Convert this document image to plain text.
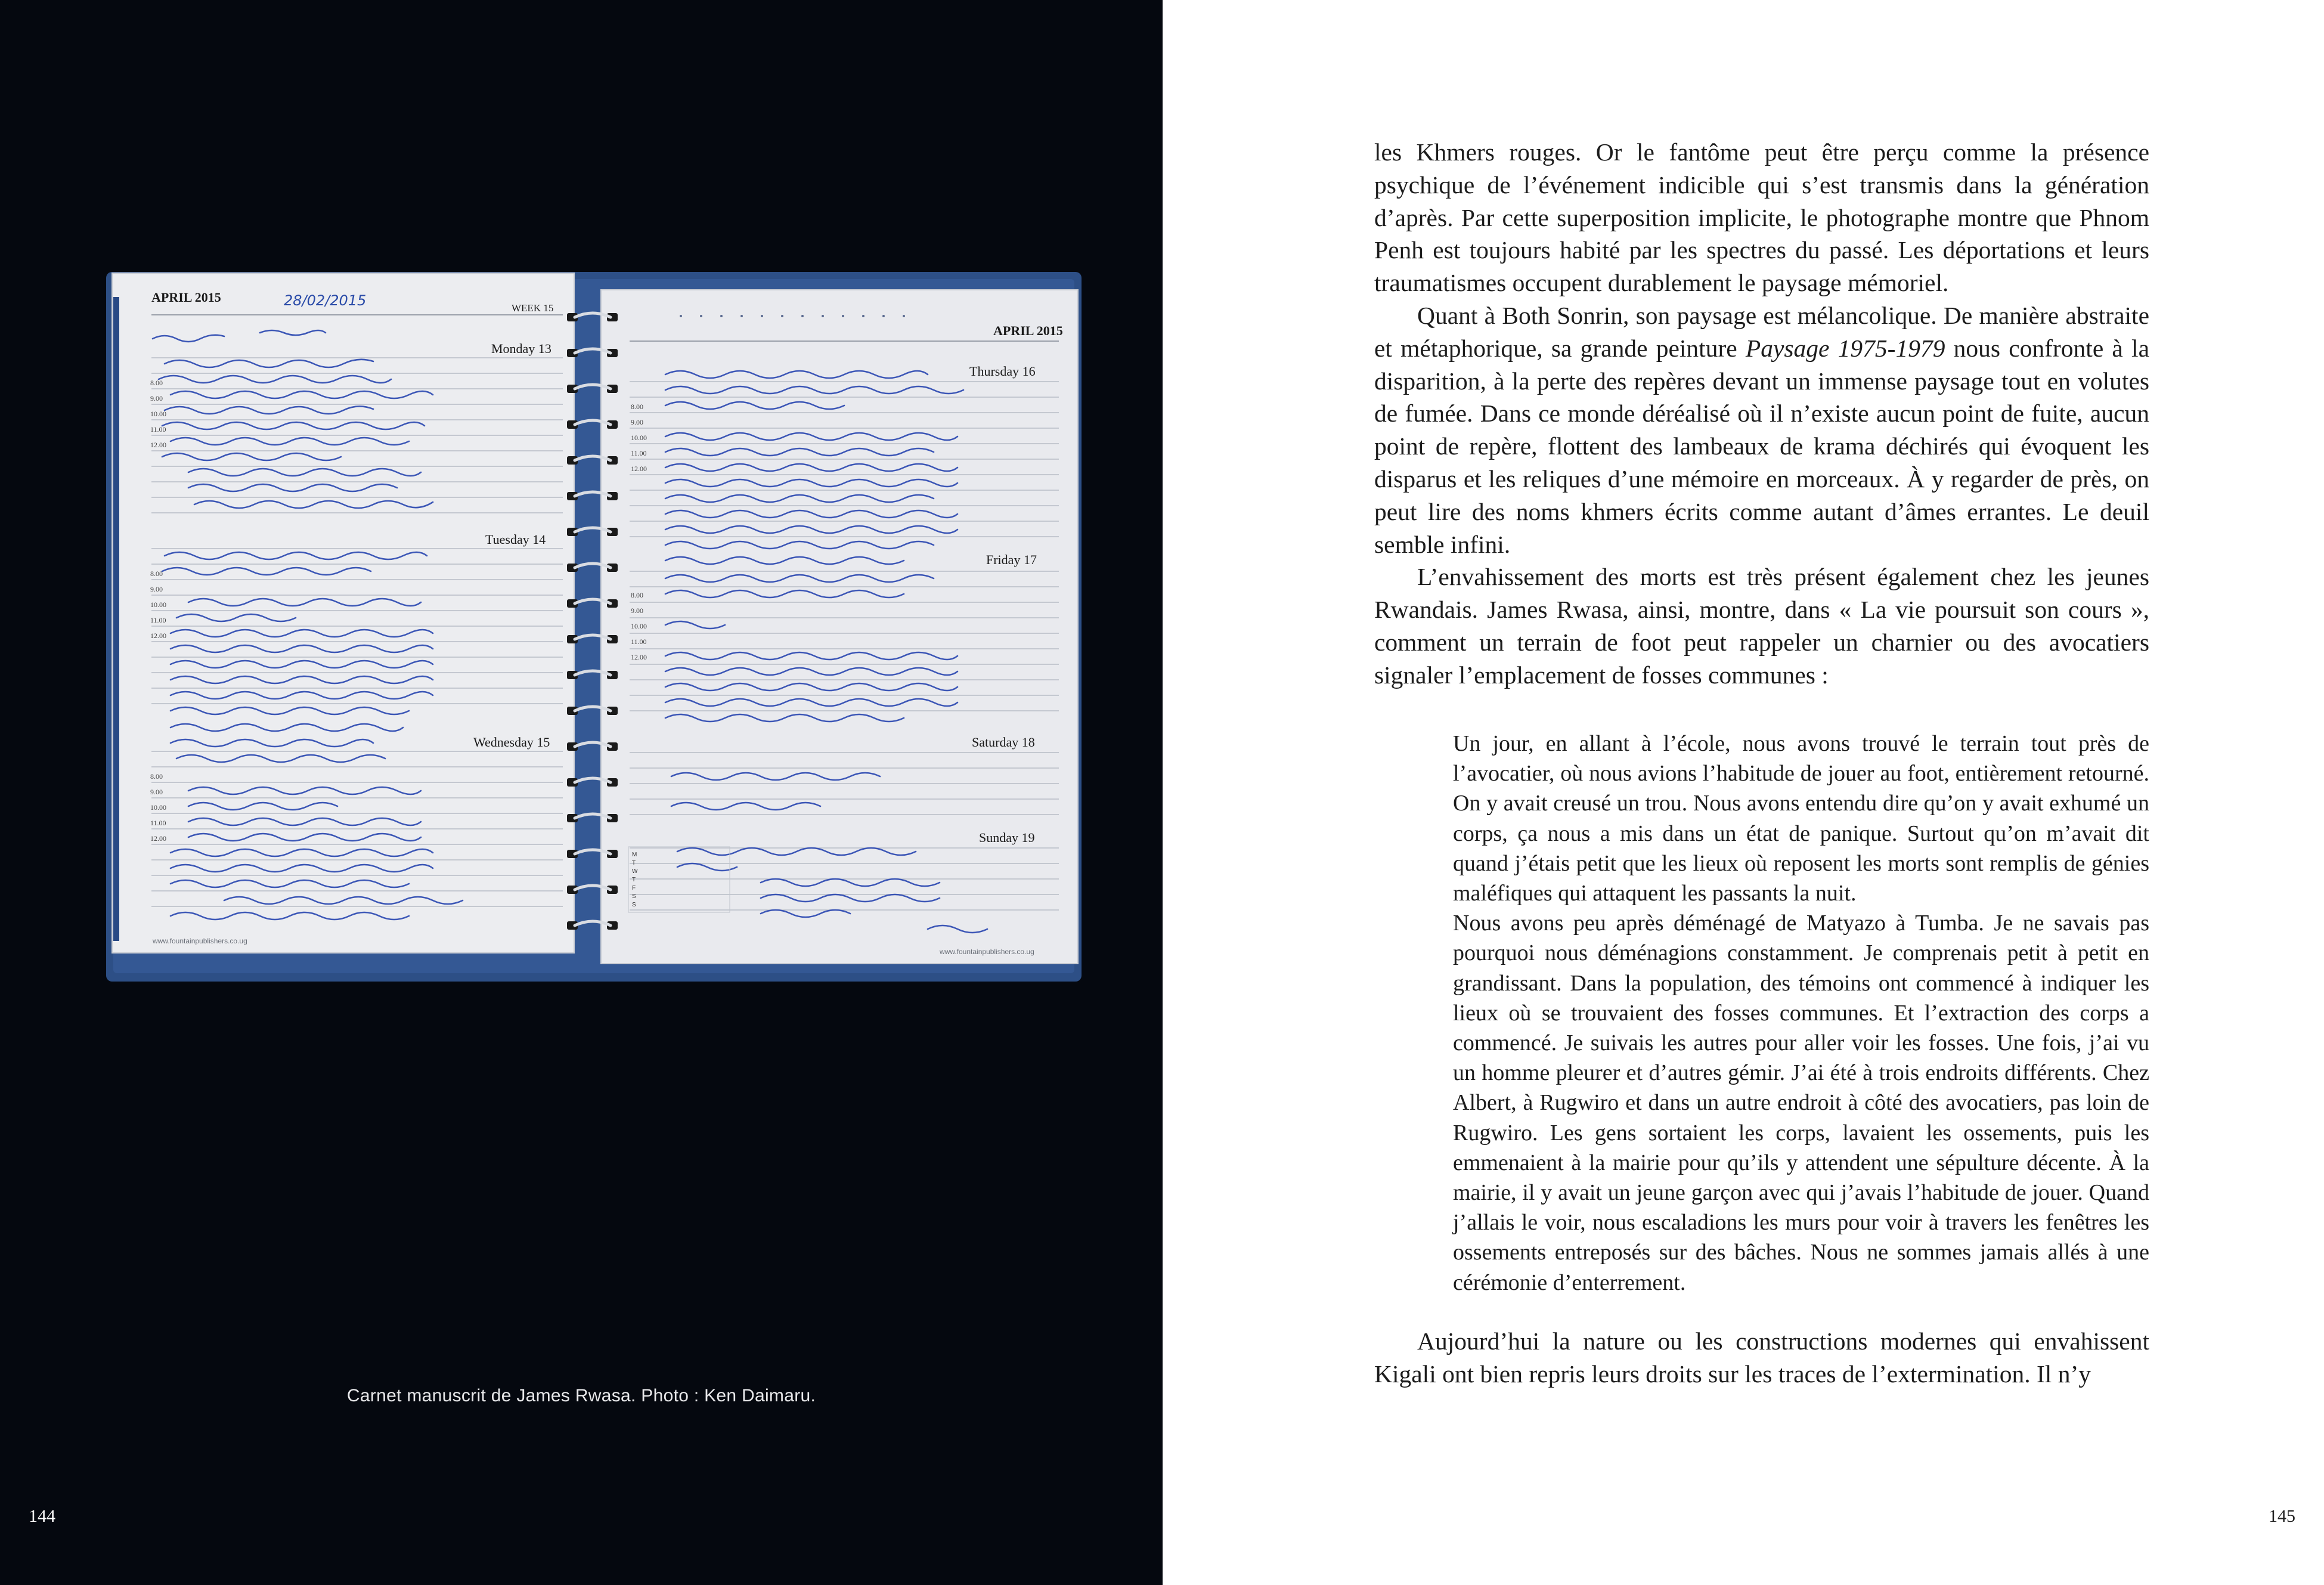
APRIL 2015	28/02/2015	WEEK 15
Monday 13
Tuesday 14
Wednesday 15
8.00
9.00
10.00
11.00
12.00
8.00
9.00
10.00
11.00
12.00
8.00
9.00
10.00
11.00
12.00
www.fountainpublishers.co.ug
APRIL 2015
Thursday 16
Friday 17
Saturday 18
Sunday 19
8.00
9.00
10.00
11.00
12.00
8.00
9.00
10.00
11.00
12.00
M
T
W
T
F
S
S
www.fountainpublishers.co.ug
Carnet manuscrit de James Rwasa. Photo : Ken Daimaru.
144

les Khmers rouges. Or le fantôme peut être perçu comme la présence psychique de l’événement indicible qui s’est transmis dans la génération d’après. Par cette superposition implicite, le photographe montre que Phnom Penh est toujours habité par les spectres du passé. Les déportations et leurs traumatismes occupent durablement le paysage mémoriel.

Quant à Both Sonrin, son paysage est mélancolique. De manière abstraite et métaphorique, sa grande peinture Paysage 1975-1979 nous confronte à la disparition, à la perte des repères devant un immense paysage tout en volutes de fumée. Dans ce monde déréalisé où il n’existe aucun point de fuite, aucun point de repère, flottent des lambeaux de krama déchirés qui évoquent les disparus et les reliques d’une mémoire en morceaux. À y regarder de près, on peut lire des noms khmers écrits comme autant d’âmes errantes. Le deuil semble infini.

L’envahissement des morts est très présent également chez les jeunes Rwandais. James Rwasa, ainsi, montre, dans « La vie poursuit son cours », comment un terrain de foot peut rappeler un charnier ou des avocatiers signaler l’emplacement de fosses communes :

Un jour, en allant à l’école, nous avons trouvé le terrain tout près de l’avocatier, où nous avions l’habitude de jouer au foot, entièrement retourné. On y avait creusé un trou. Nous avons entendu dire qu’on y avait exhumé un corps, ça nous a mis dans un état de panique. Surtout qu’on m’avait dit quand j’étais petit que les lieux où reposent les morts sont remplis de génies maléfiques qui attaquent les passants la nuit.

Nous avons peu après déménagé de Matyazo à Tumba. Je ne savais pas pourquoi nous déménagions constamment. Je comprenais petit à petit en grandissant. Dans la population, des témoins ont commencé à indiquer les lieux où se trouvaient des fosses communes. Et l’extraction des corps a commencé. Je suivais les autres pour aller voir les fosses. Une fois, j’ai vu un homme pleurer et d’autres gémir. J’ai été à trois endroits différents. Chez Albert, à Rugwiro et dans un autre endroit à côté des avocatiers, pas loin de Rugwiro. Les gens sortaient les corps, lavaient les ossements, puis les emmenaient à la mairie pour qu’ils y attendent une sépulture décente. À la mairie, il y avait un jeune garçon avec qui j’avais l’habitude de jouer. Quand j’allais le voir, nous escaladions les murs pour voir à travers les fenêtres les ossements entreposés sur des bâches. Nous ne sommes jamais allés à une cérémonie d’enterrement.

Aujourd’hui la nature ou les constructions modernes qui envahissent Kigali ont bien repris leurs droits sur les traces de l’extermination. Il n’y

145
